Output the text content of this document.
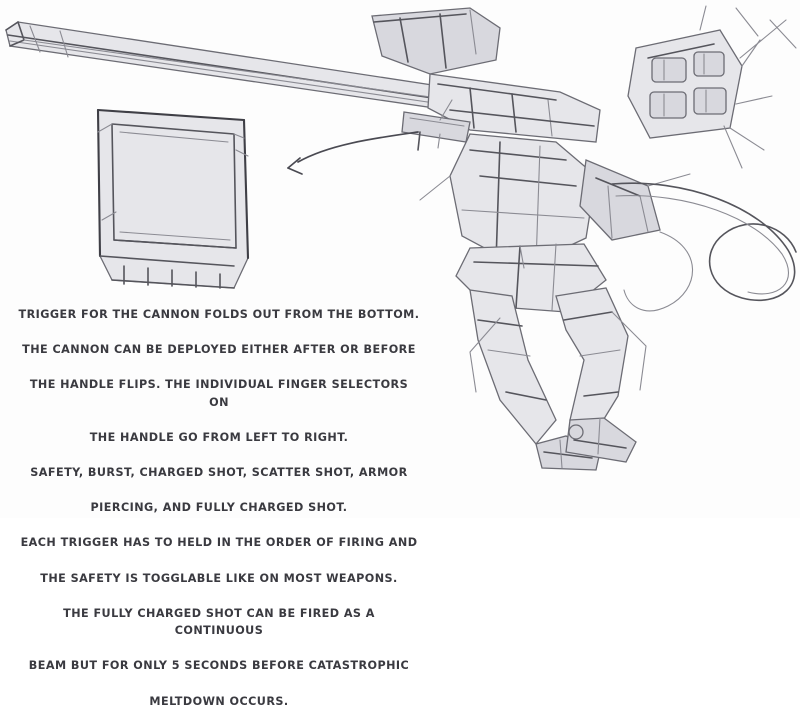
TRIGGER FOR THE CANNON FOLDS OUT FROM THE BOTTOM.

THE CANNON CAN BE DEPLOYED EITHER AFTER OR BEFORE

THE HANDLE FLIPS. THE INDIVIDUAL FINGER SELECTORS ON

THE HANDLE GO FROM LEFT TO RIGHT.

SAFETY, BURST, CHARGED SHOT, SCATTER SHOT, ARMOR

PIERCING, AND FULLY CHARGED SHOT.

EACH TRIGGER HAS TO HELD IN THE ORDER OF FIRING AND

THE SAFETY IS TOGGLABLE LIKE ON MOST WEAPONS.

THE FULLY CHARGED SHOT CAN BE FIRED AS A CONTINUOUS

BEAM BUT FOR ONLY 5 SECONDS BEFORE CATASTROPHIC

MELTDOWN OCCURS.
